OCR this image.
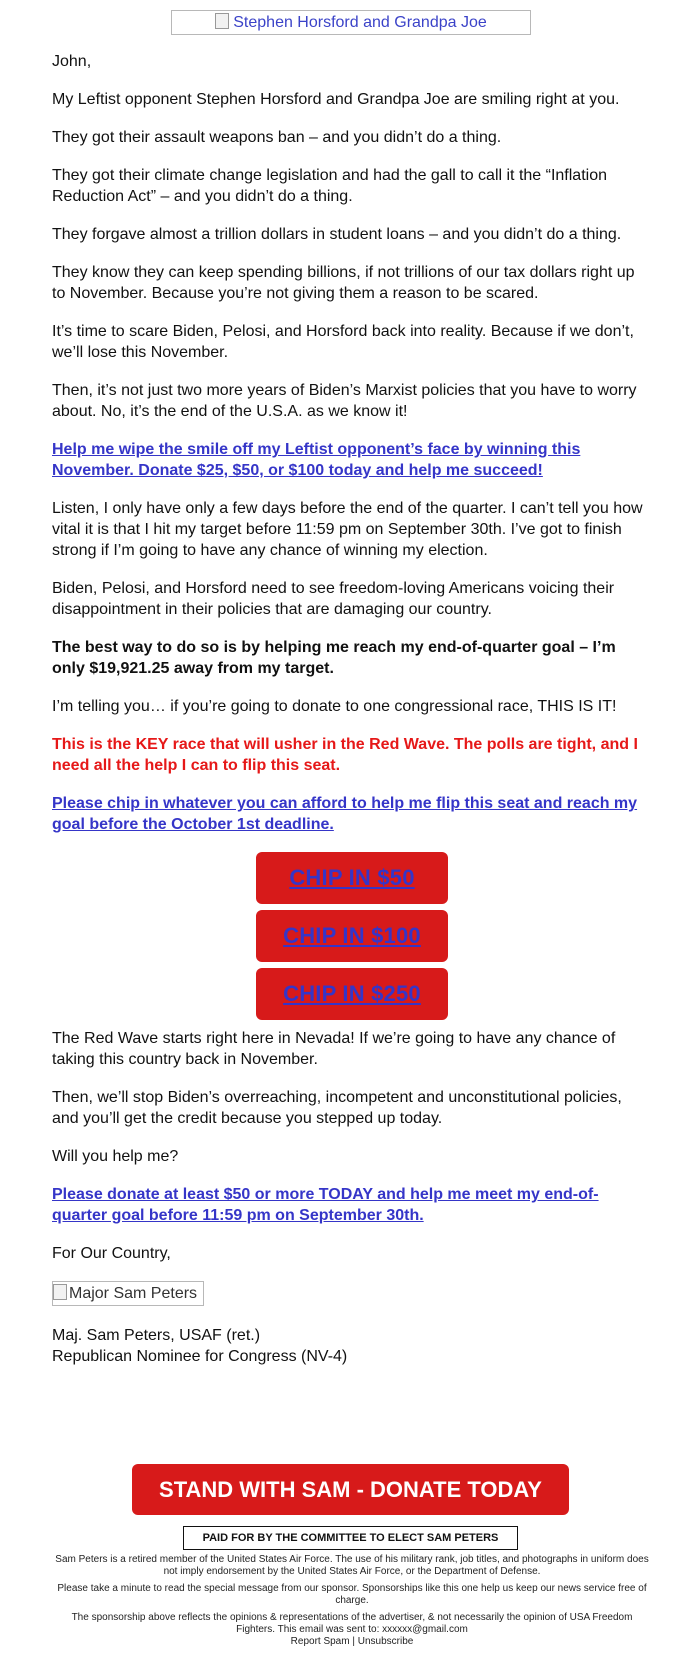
Stephen Horsford and Grandpa Joe

John,

My Leftist opponent Stephen Horsford and Grandpa Joe are smiling right at you.

They got their assault weapons ban – and you didn’t do a thing.

They got their climate change legislation and had the gall to call it the “Inflation Reduction Act” – and you didn’t do a thing.

They forgave almost a trillion dollars in student loans – and you didn’t do a thing.

They know they can keep spending billions, if not trillions of our tax dollars right up to November. Because you’re not giving them a reason to be scared.

It’s time to scare Biden, Pelosi, and Horsford back into reality. Because if we don’t, we’ll lose this November.

Then, it’s not just two more years of Biden’s Marxist policies that you have to worry about. No, it’s the end of the U.S.A. as we know it!

Help me wipe the smile off my Leftist opponent’s face by winning this November. Donate $25, $50, or $100 today and help me succeed!

Listen, I only have only a few days before the end of the quarter. I can’t tell you how vital it is that I hit my target before 11:59 pm on September 30th. I’ve got to finish strong if I’m going to have any chance of winning my election.

Biden, Pelosi, and Horsford need to see freedom-loving Americans voicing their disappointment in their policies that are damaging our country.

The best way to do so is by helping me reach my end-of-quarter goal – I’m only $19,921.25 away from my target.

I’m telling you… if you’re going to donate to one congressional race, THIS IS IT!

This is the KEY race that will usher in the Red Wave. The polls are tight, and I need all the help I can to flip this seat.

Please chip in whatever you can afford to help me flip this seat and reach my goal before the October 1st deadline.

CHIP IN $50
CHIP IN $100
CHIP IN $250

The Red Wave starts right here in Nevada! If we’re going to have any chance of taking this country back in November.

Then, we’ll stop Biden’s overreaching, incompetent and unconstitutional policies, and you’ll get the credit because you stepped up today.

Will you help me?

Please donate at least $50 or more TODAY and help me meet my end-of-quarter goal before 11:59 pm on September 30th.

For Our Country,

Major Sam Peters

Maj. Sam Peters, USAF (ret.)

Republican Nominee for Congress (NV-4)

STAND WITH SAM - DONATE TODAY
PAID FOR BY THE COMMITTEE TO ELECT SAM PETERS

Sam Peters is a retired member of the United States Air Force. The use of his military rank, job titles, and photographs in uniform does not imply endorsement by the United States Air Force, or the Department of Defense.

Please take a minute to read the special message from our sponsor. Sponsorships like this one help us keep our news service free of charge.

The sponsorship above reflects the opinions & representations of the advertiser, & not necessarily the opinion of USA Freedom Fighters. This email was sent to: xxxxxx@gmail.com

Report Spam | Unsubscribe
